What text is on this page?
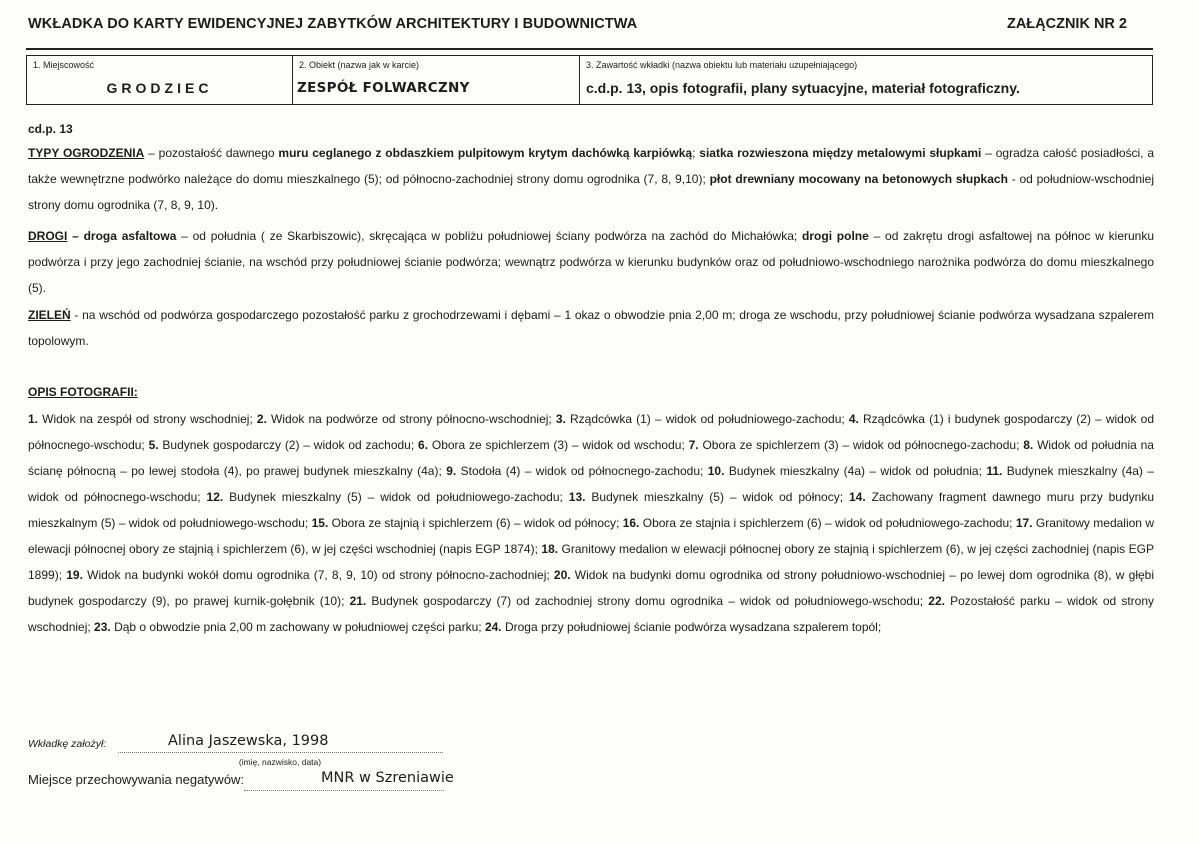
WKŁADKA DO KARTY EWIDENCYJNEJ ZABYTKÓW ARCHITEKTURY I BUDOWNICTWA	ZAŁĄCZNIK NR 2
1. Miejscowość
GRODZIEC
2. Obiekt (nazwa jak w karcie)
ZESPÓŁ FOLWARCZNY
3. Zawartość wkładki (nazwa obiektu lub materiału uzupełniającego)
c.d.p. 13, opis fotografii, plany sytuacyjne, materiał fotograficzny.
cd.p. 13
TYPY OGRODZENIA – pozostałość dawnego muru ceglanego z obdaszkiem pulpitowym krytym dachówką karpiówką; siatka rozwieszona między metalowymi słupkami – ogradza całość posiadłości, a także wewnętrzne podwórko należące do domu mieszkalnego (5); od północno-zachodniej strony domu ogrodnika (7, 8, 9,10); płot drewniany mocowany na betonowych słupkach - od południow-wschodniej strony domu ogrodnika (7, 8, 9, 10).
DROGI – droga asfaltowa – od południa ( ze Skarbiszowic), skręcająca w pobliżu południowej ściany podwórza na zachód do Michałówka; drogi polne – od zakrętu drogi asfaltowej na północ w kierunku podwórza i przy jego zachodniej ścianie, na wschód przy południowej ścianie podwórza; wewnątrz podwórza w kierunku budynków oraz od południowo-wschodniego narożnika podwórza do domu mieszkalnego (5).
ZIELEŃ - na wschód od podwórza gospodarczego pozostałość parku z grochodrzewami i dębami – 1 okaz o obwodzie pnia 2,00 m; droga ze wschodu, przy południowej ścianie podwórza wysadzana szpalerem topolowym.
OPIS FOTOGRAFII:
1. Widok na zespół od strony wschodniej; 2. Widok na podwórze od strony północno-wschodniej; 3. Rządcówka (1) – widok od południowego-zachodu; 4. Rządcówka (1) i budynek gospodarczy (2) – widok od północnego-wschodu; 5. Budynek gospodarczy (2) – widok od zachodu; 6. Obora ze spichlerzem (3) – widok od wschodu; 7. Obora ze spichlerzem (3) – widok od północnego-zachodu; 8. Widok od południa na ścianę północną – po lewej stodoła (4), po prawej budynek mieszkalny (4a); 9. Stodoła (4) – widok od północnego-zachodu; 10. Budynek mieszkalny (4a) – widok od południa; 11. Budynek mieszkalny (4a) – widok od północnego-wschodu; 12. Budynek mieszkalny (5) – widok od południowego-zachodu; 13. Budynek mieszkalny (5) – widok od północy; 14. Zachowany fragment dawnego muru przy budynku mieszkalnym (5) – widok od południowego-wschodu; 15. Obora ze stajnią i spichlerzem (6) – widok od północy; 16. Obora ze stajnia i spichlerzem (6) – widok od południowego-zachodu; 17. Granitowy medalion w elewacji północnej obory ze stajnią i spichlerzem (6), w jej części wschodniej (napis EGP 1874); 18. Granitowy medalion w elewacji północnej obory ze stajnią i spichlerzem (6), w jej części zachodniej (napis EGP 1899); 19. Widok na budynki wokół domu ogrodnika (7, 8, 9, 10) od strony północno-zachodniej; 20. Widok na budynki domu ogrodnika od strony południowo-wschodniej – po lewej dom ogrodnika (8), w głębi budynek gospodarczy (9), po prawej kurnik-gołębnik (10); 21. Budynek gospodarczy (7) od zachodniej strony domu ogrodnika – widok od południowego-wschodu; 22. Pozostałość parku – widok od strony wschodniej; 23. Dąb o obwodzie pnia 2,00 m zachowany w południowej części parku; 24. Droga przy południowej ścianie podwórza wysadzana szpalerem topól;
Wkładkę założył:	Alina Jaszewska, 1998
(imię, nazwisko, data)
Miejsce przechowywania negatywów:	MNR w Szreniawie
